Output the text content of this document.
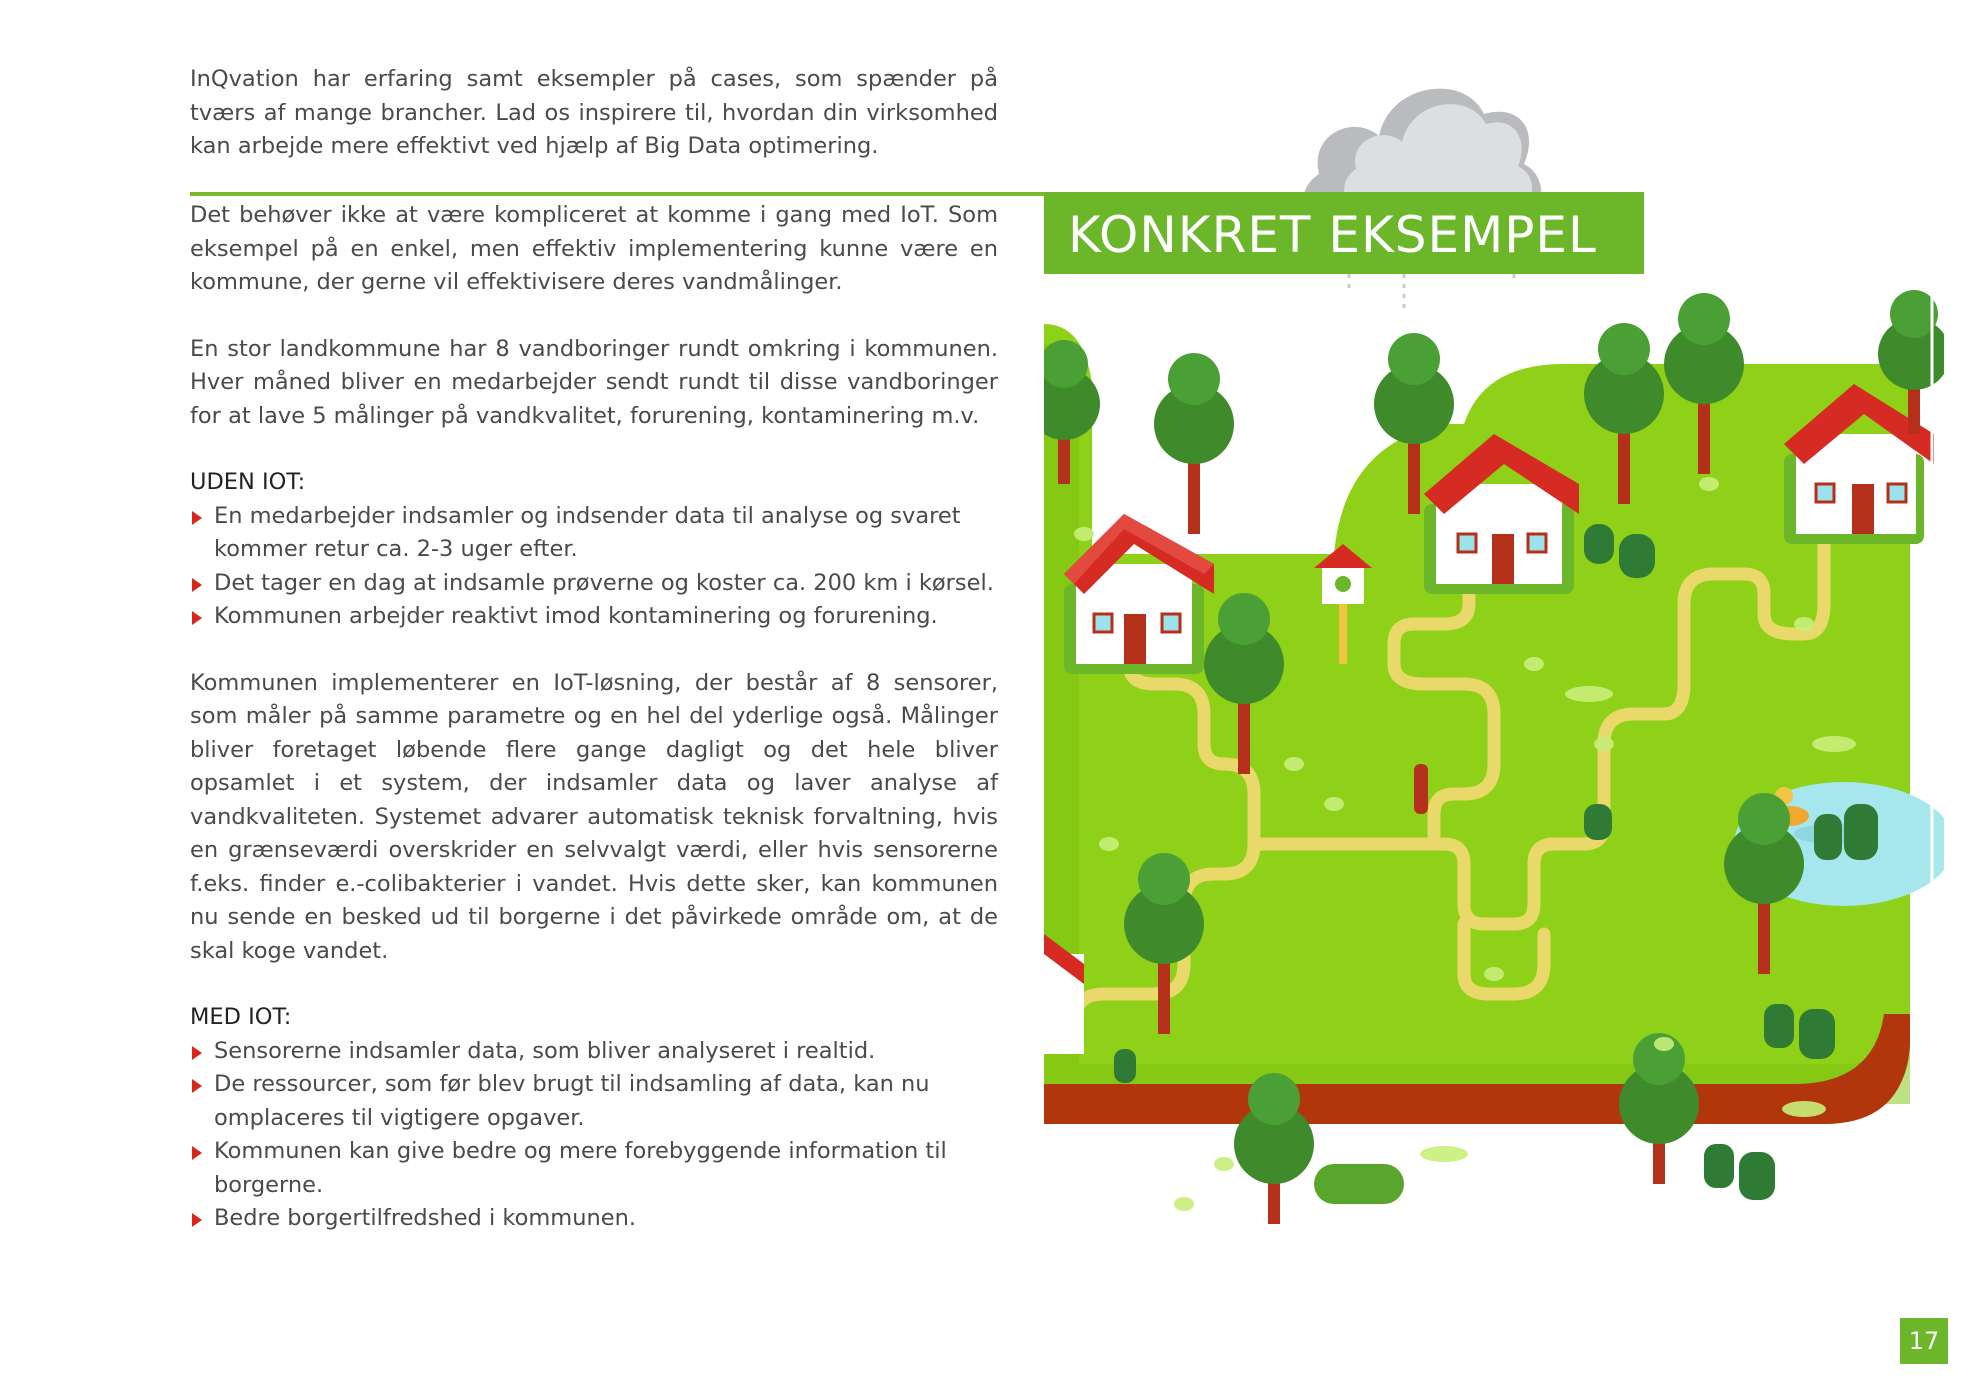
InQvation har erfaring samt eksempler på cases, som spænder på tværs af mange brancher. Lad os inspirere til, hvordan din virksomhed kan arbejde mere effektivt ved hjælp af Big Data optimering.

Det behøver ikke at være kompliceret at komme i gang med IoT. Som eksempel på en enkel, men effektiv implementering kunne være en kommune, der gerne vil effektivisere deres vandmålinger.

En stor landkommune har 8 vandboringer rundt omkring i kommunen. Hver måned bliver en medarbejder sendt rundt til disse vandboringer for at lave 5 målinger på vandkvalitet, forurening, kontaminering m.v.

UDEN IOT:

En medarbejder indsamler og indsender data til analyse og svaret kommer retur ca. 2-3 uger efter.
Det tager en dag at indsamle prøverne og koster ca. 200 km i kørsel.
Kommunen arbejder reaktivt imod kontaminering og forurening.

Kommunen implementerer en IoT-løsning, der består af 8 sensorer, som måler på samme parametre og en hel del yderlige også. Målinger bliver foretaget løbende flere gange dagligt og det hele bliver opsamlet i et system, der indsamler data og laver analyse af vandkvaliteten. Systemet advarer automatisk teknisk forvaltning, hvis en grænseværdi overskrider en selvvalgt værdi, eller hvis sensorerne f.eks. finder e.-colibakterier i vandet. Hvis dette sker, kan kommunen nu sende en besked ud til borgerne i det påvirkede område om, at de skal koge vandet.

MED IOT:

Sensorerne indsamler data, som bliver analyseret i realtid.
De ressourcer, som før blev brugt til indsamling af data, kan nu omplaceres til vigtigere opgaver.
Kommunen kan give bedre og mere forebyggende information til borgerne.
Bedre borgertilfredshed i kommunen.
KONKRET EKSEMPEL
17
